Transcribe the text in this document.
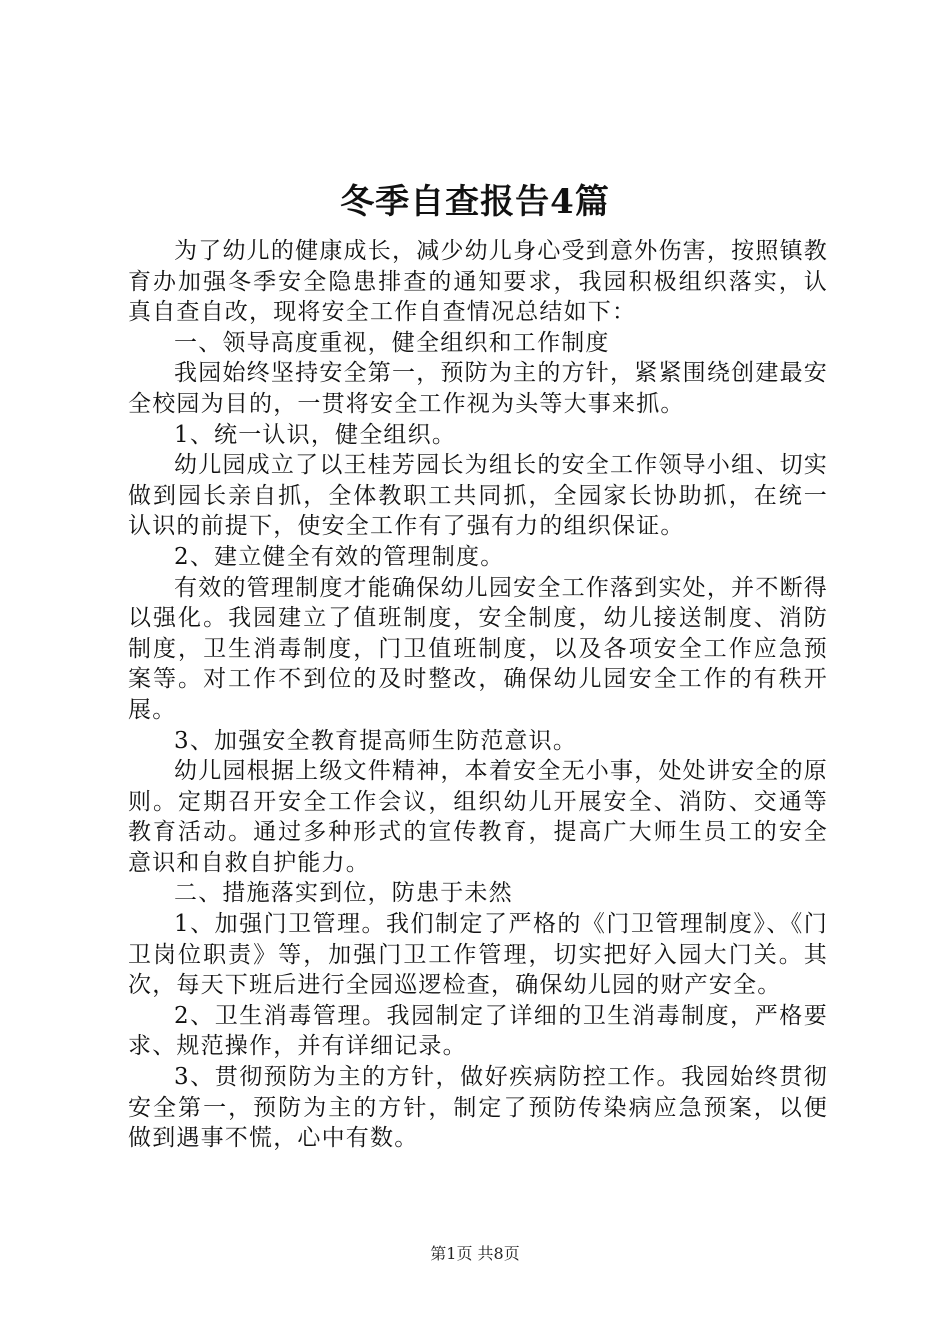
冬季自查报告4篇

为了幼儿的健康成长，减少幼儿身心受到意外伤害，按照镇教育办加强冬季安全隐患排查的通知要求，我园积极组织落实，认真自查自改，现将安全工作自查情况总结如下：

一、领导高度重视，健全组织和工作制度

我园始终坚持安全第一，预防为主的方针，紧紧围绕创建最安全校园为目的，一贯将安全工作视为头等大事来抓。

1、统一认识，健全组织。

幼儿园成立了以王桂芳园长为组长的安全工作领导小组、切实做到园长亲自抓，全体教职工共同抓，全园家长协助抓，在统一认识的前提下，使安全工作有了强有力的组织保证。

2、建立健全有效的管理制度。

有效的管理制度才能确保幼儿园安全工作落到实处，并不断得以强化。我园建立了值班制度，安全制度，幼儿接送制度、消防制度，卫生消毒制度，门卫值班制度，以及各项安全工作应急预案等。对工作不到位的及时整改，确保幼儿园安全工作的有秩开展。

3、加强安全教育提高师生防范意识。

幼儿园根据上级文件精神，本着安全无小事，处处讲安全的原则。定期召开安全工作会议，组织幼儿开展安全、消防、交通等教育活动。通过多种形式的宣传教育，提高广大师生员工的安全意识和自救自护能力。

二、措施落实到位，防患于未然

1、加强门卫管理。我们制定了严格的《门卫管理制度》、《门卫岗位职责》等，加强门卫工作管理，切实把好入园大门关。其次，每天下班后进行全园巡逻检查，确保幼儿园的财产安全。

2、卫生消毒管理。我园制定了详细的卫生消毒制度，严格要求、规范操作，并有详细记录。

3、贯彻预防为主的方针，做好疾病防控工作。我园始终贯彻安全第一，预防为主的方针，制定了预防传染病应急预案，以便做到遇事不慌，心中有数。

第1页 共8页
